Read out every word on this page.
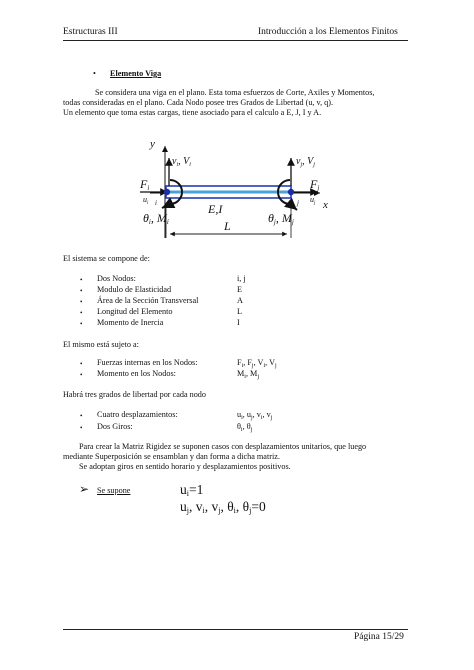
Estructuras III	Introducción a los Elementos Finitos
• Elemento Viga
Se considera una viga en el plano. Esta toma esfuerzos de Corte, Axiles y Momentos,
todas consideradas en el plano. Cada Nodo posee tres Grados de Libertad (u, v, q).
Un elemento que toma estas cargas, tiene asociado para el calculo a E, J, I y A.
y
x
$v_i$, $V_i$	$v_j$, $V_j$
Fi	Fj
$u_i$	$u_j$
i	j
θi, Mi	θj, Mj
E,I
L
El sistema se compone de:
• Dos Nodos:	i, j
• Modulo de Elasticidad	E
• Área de la Sección Transversal	A
• Longitud del Elemento	L
• Momento de Inercia	I
El mismo está sujeto a:
• Fuerzas internas en los Nodos:	$F_i$, $F_j$, $V_i$, $V_j$
• Momento en los Nodos:	$M_i$, $M_j$
Habrá tres grados de libertad por cada nodo
• Cuatro desplazamientos:	$u_i$, $u_j$, $v_i$, $v_j$
• Dos Giros:	$\theta_i$, $\theta_j$
Para crear la Matriz Rigidez se suponen casos con desplazamientos unitarios, que luego
mediante Superposición se ensamblan y dan forma a dicha matriz.
Se adoptan giros en sentido horario y desplazamientos positivos.
➢ Se supone	$u_i=1$
$u_j$, $v_i$, $v_j$, $\theta_i$, $\theta_j=0$
Página 15/29
